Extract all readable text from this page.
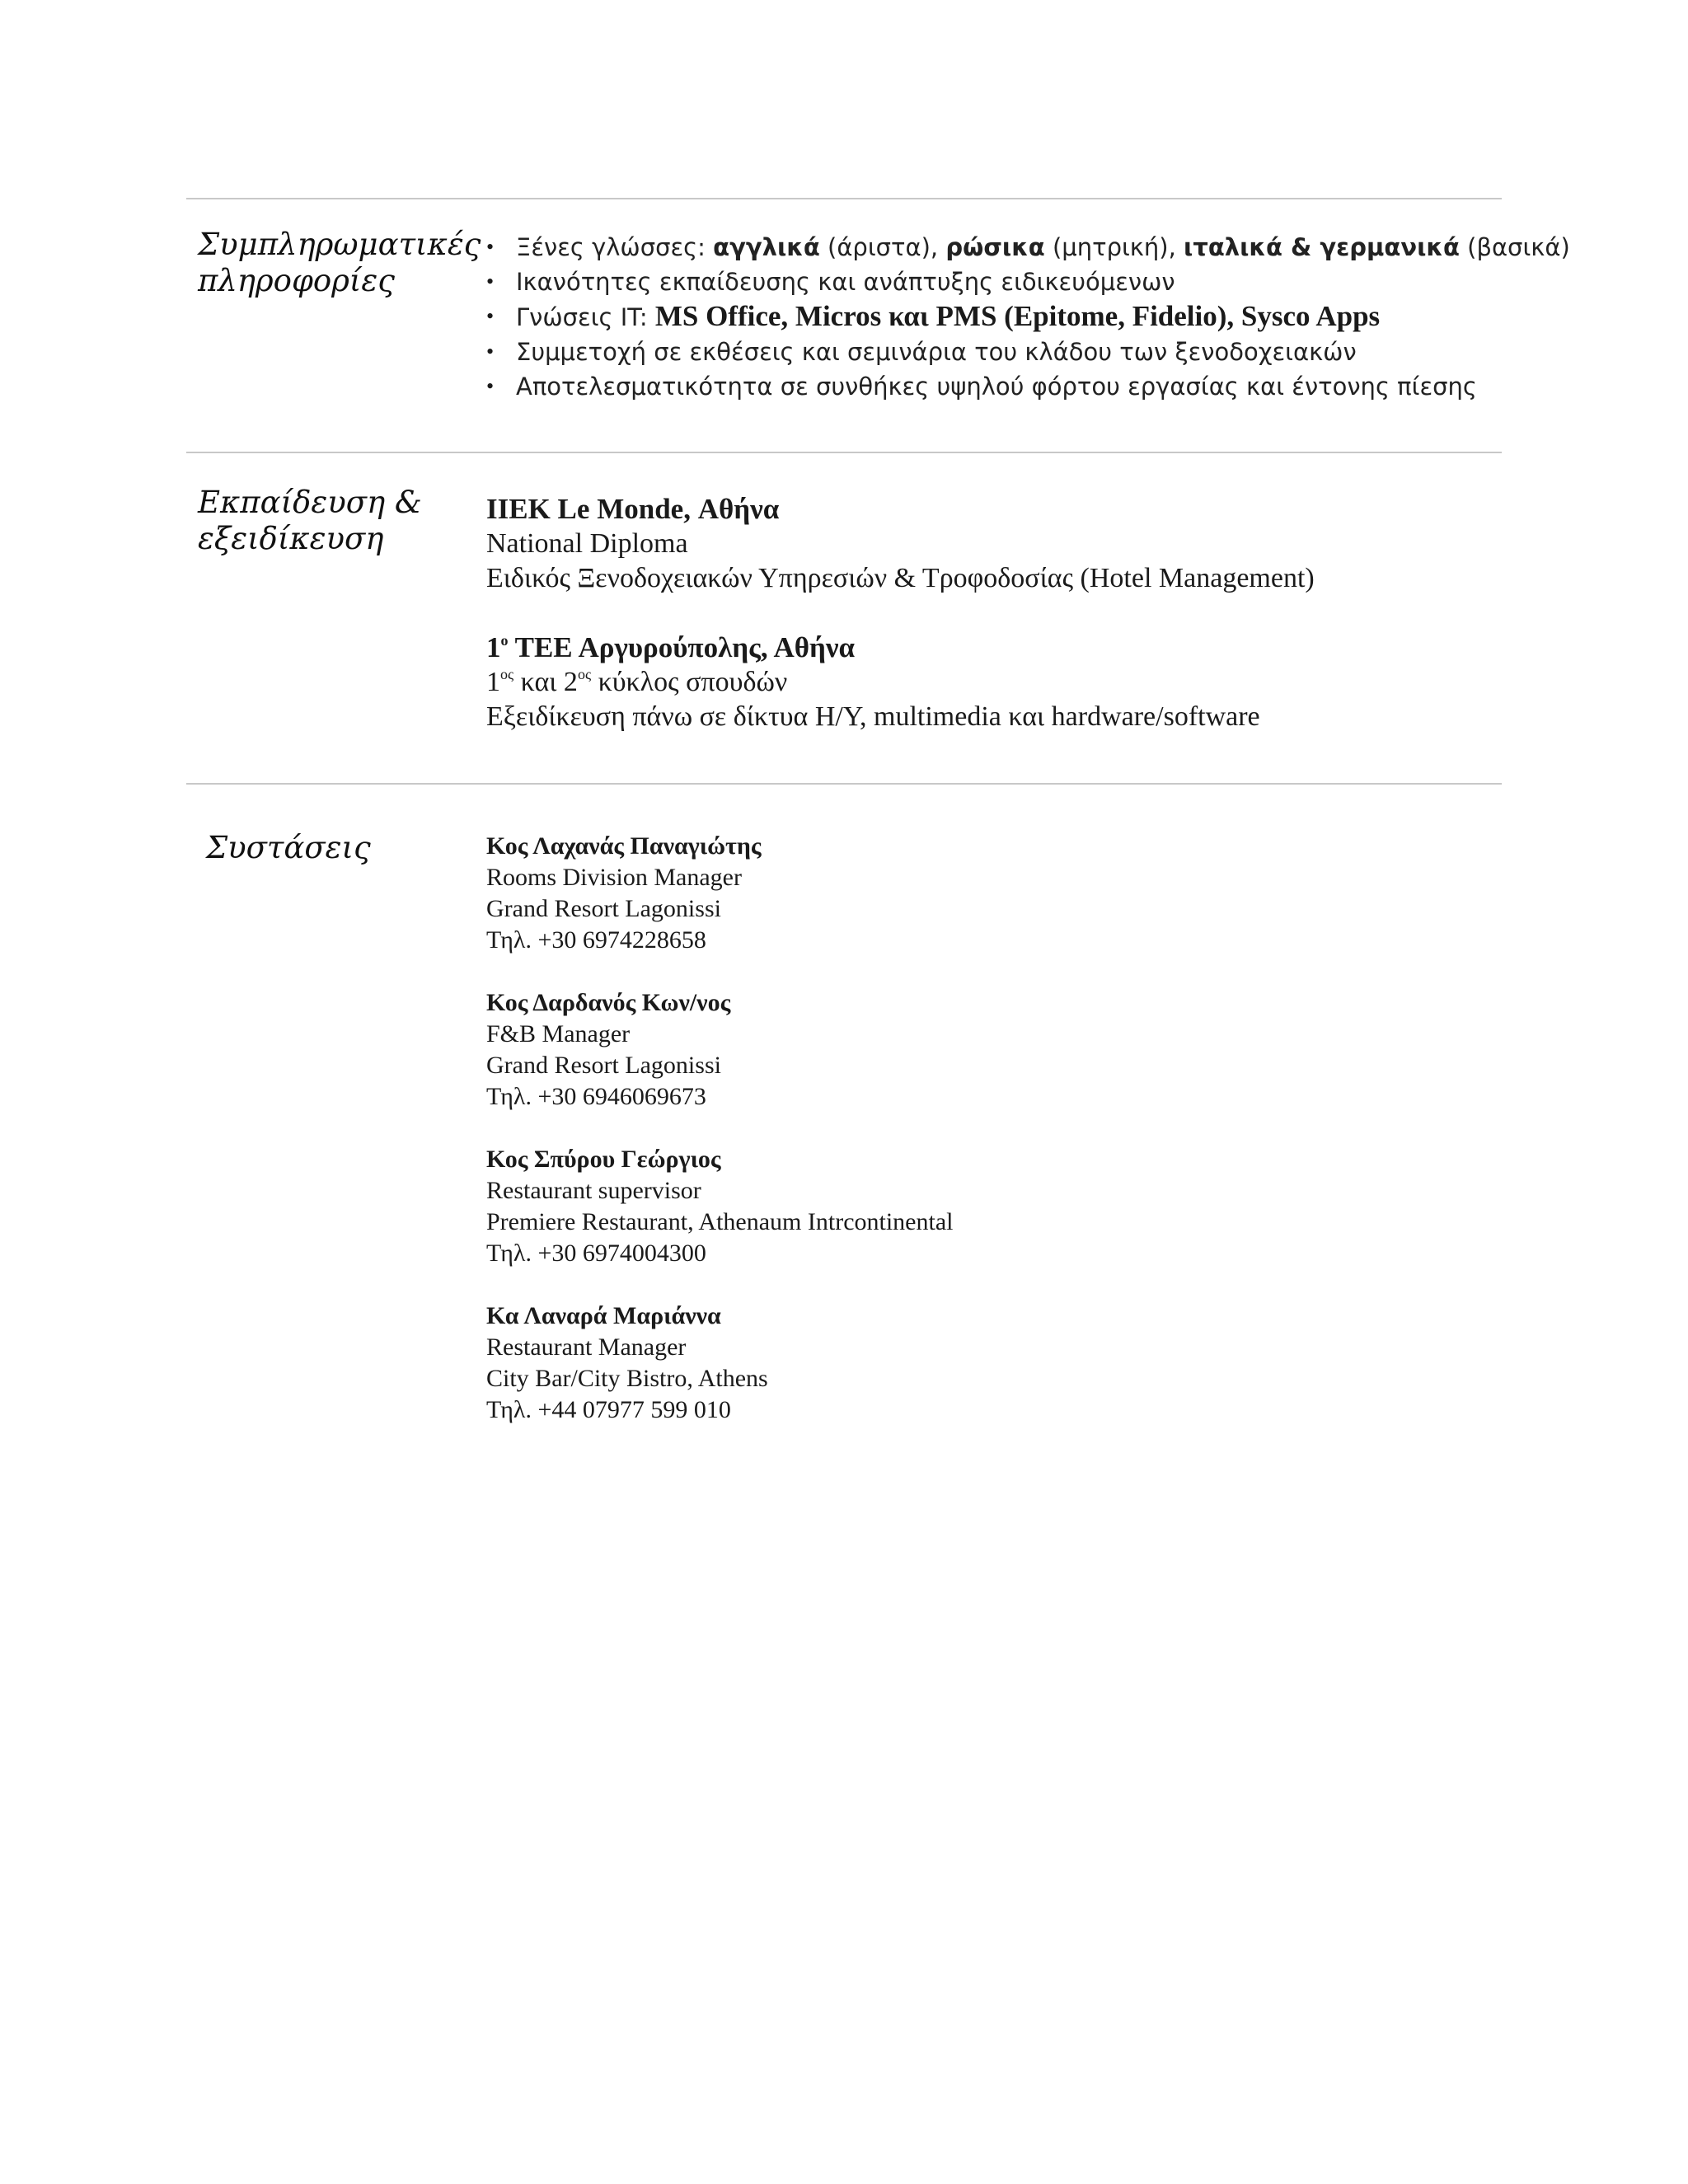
Συμπληρωματικές πληροφορίες
• Ξένες γλώσσες: αγγλικά (άριστα), ρώσικα (μητρική), ιταλικά & γερμανικά (βασικά)
• Ικανότητες εκπαίδευσης και ανάπτυξης ειδικευόμενων
• Γνώσεις IT: MS Office, Micros και PMS (Epitome, Fidelio), Sysco Apps
• Συμμετοχή σε εκθέσεις και σεμινάρια του κλάδου των ξενοδοχειακών
• Αποτελεσματικότητα σε συνθήκες υψηλού φόρτου εργασίας και έντονης πίεσης
Εκπαίδευση & εξειδίκευση
ΙΙΕΚ Le Monde, Αθήνα
National Diploma
Ειδικός Ξενοδοχειακών Υπηρεσιών & Τροφοδοσίας (Hotel Management)
$1^o$ ΤΕΕ Αργυρούπολης, Αθήνα
$1^{o\varsigma}$ και $2^{o\varsigma}$ κύκλος σπουδών
Εξειδίκευση πάνω σε δίκτυα Η/Υ, multimedia και hardware/software
Συστάσεις	Κος Λαχανάς Παναγιώτης
Rooms Division Manager
Grand Resort Lagonissi
Τηλ. +30 6974228658
Κος Δαρδανός Κων/νος
F&B Manager
Grand Resort Lagonissi
Τηλ. +30 6946069673
Κος Σπύρου Γεώργιος
Restaurant supervisor
Premiere Restaurant, Athenaum Intrcontinental
Τηλ. +30 6974004300
Κα Λαναρά Μαριάννα
Restaurant Manager
City Bar/City Bistro, Athens
Τηλ. +44 07977 599 010
